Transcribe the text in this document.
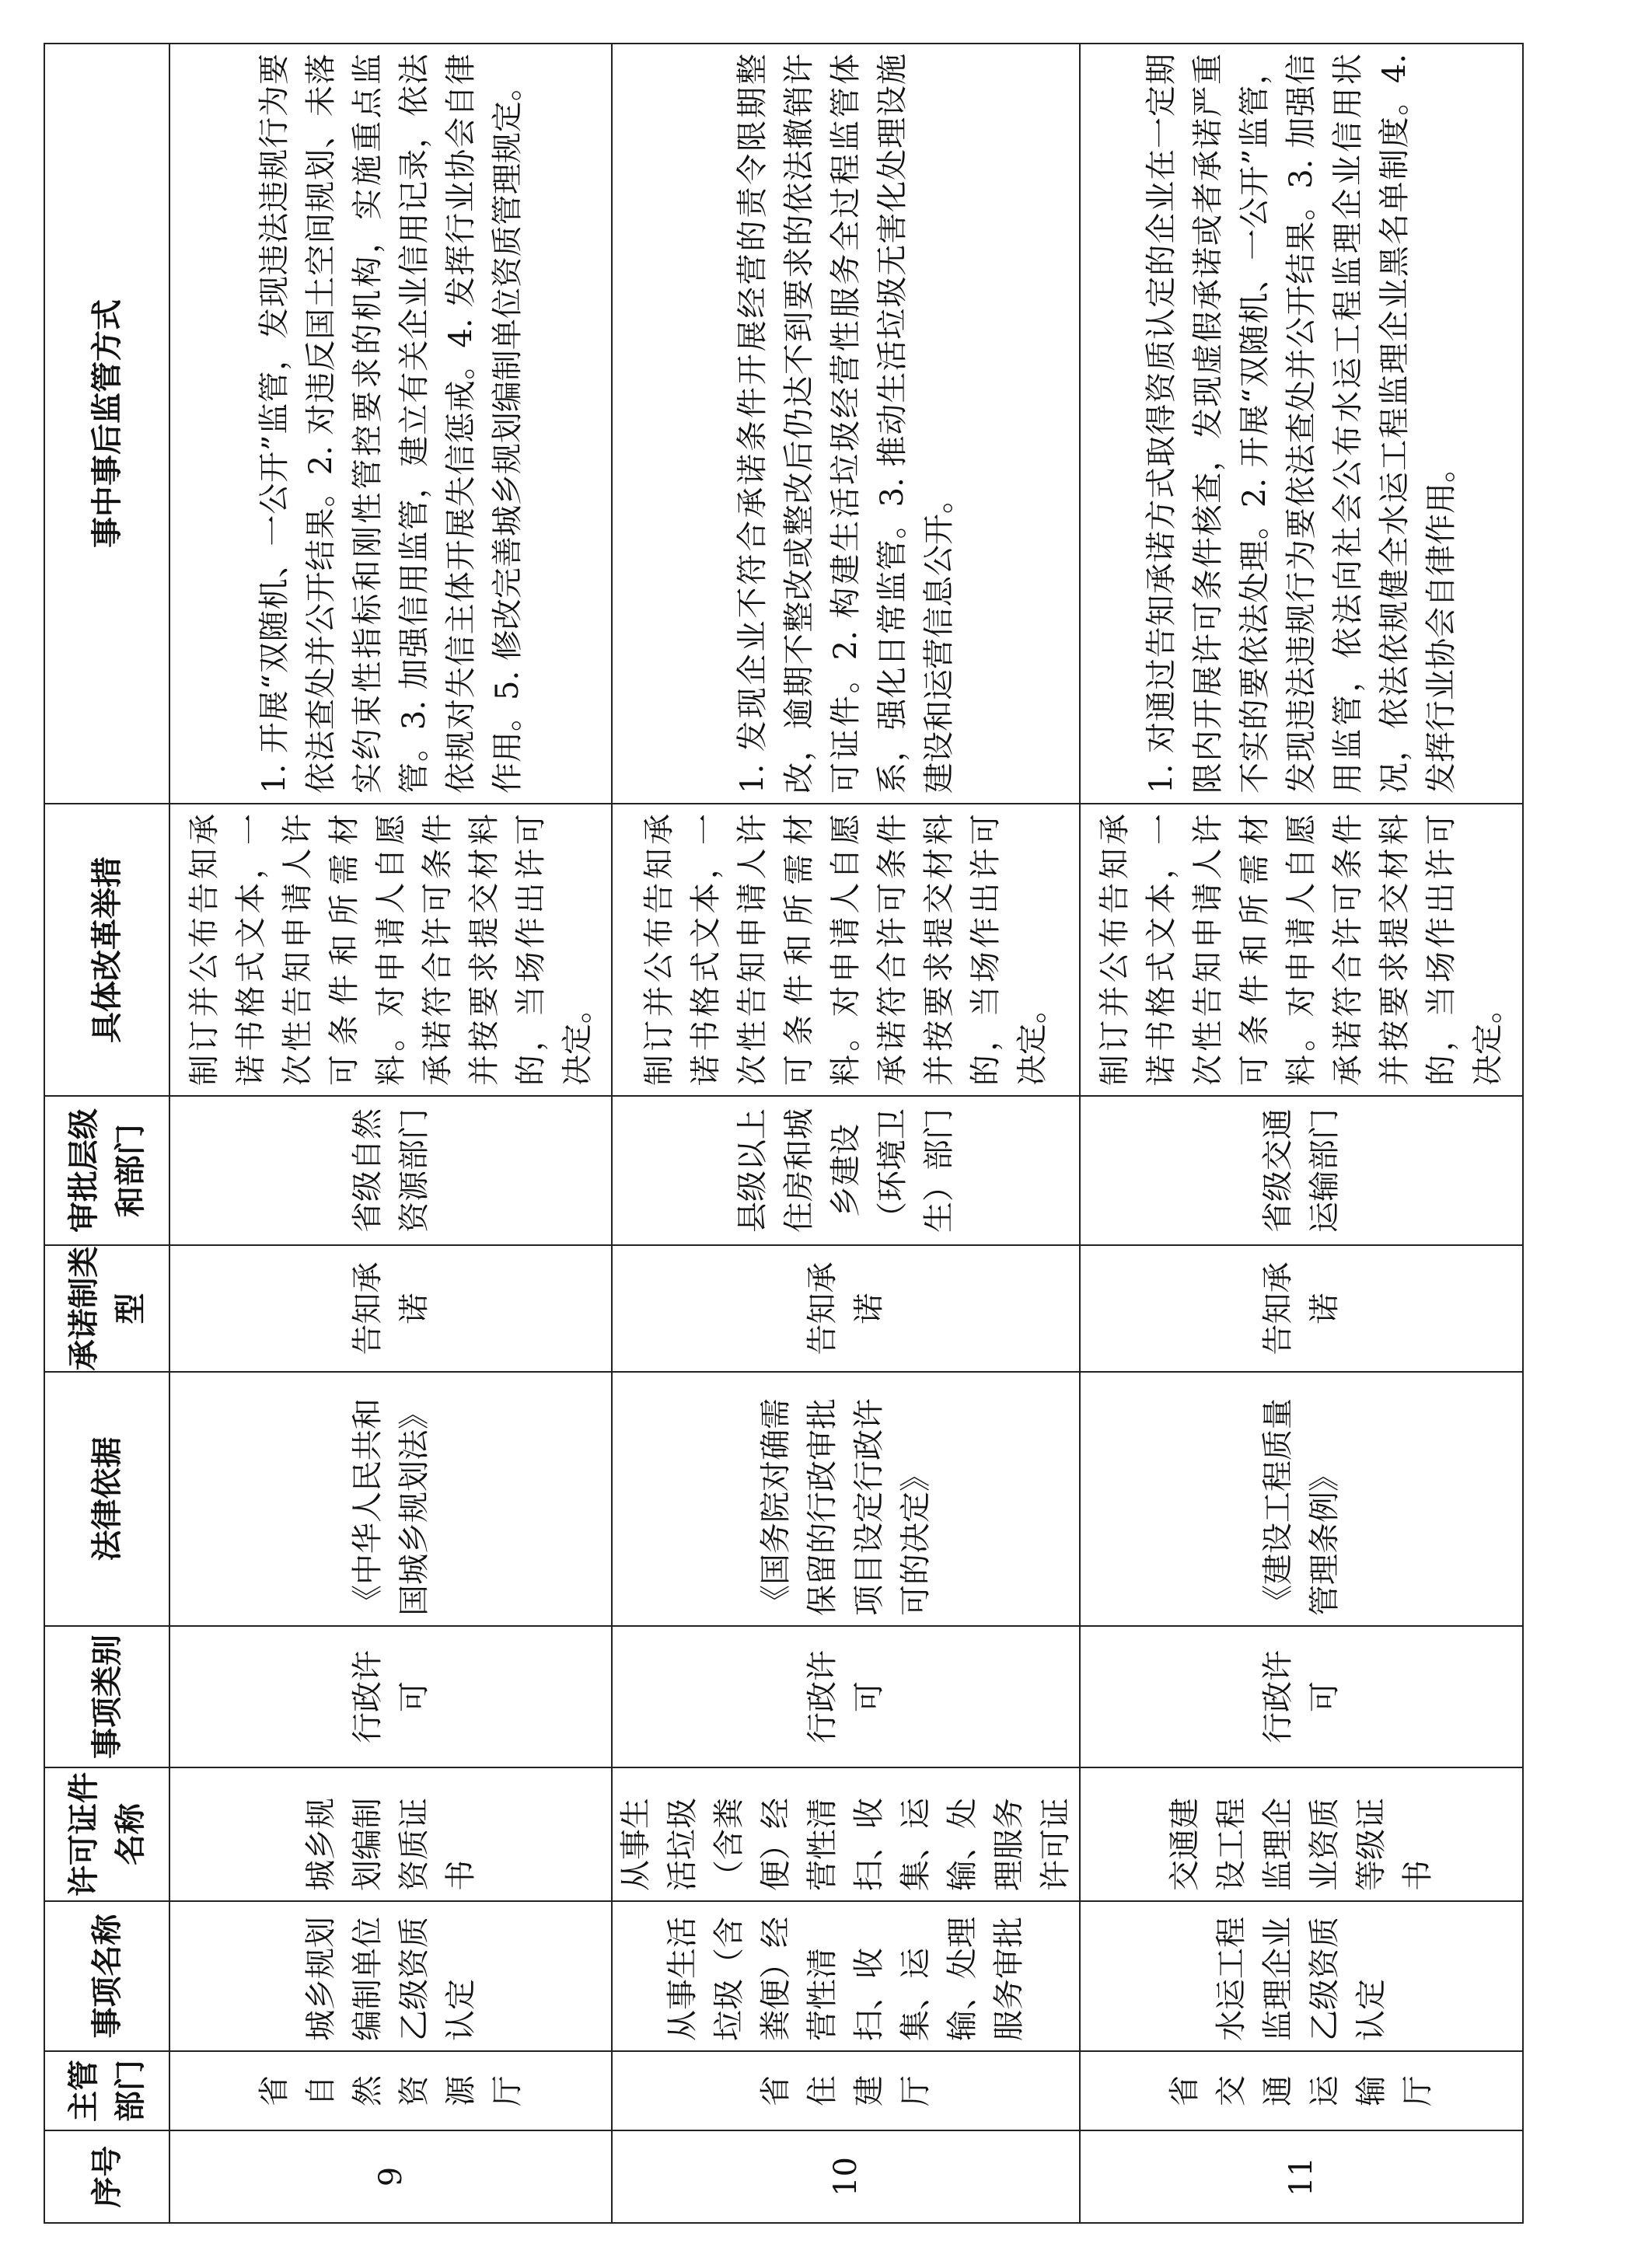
序号	主管部门	事项名称	许可证件名称	事项类别	法律依据	承诺制类型	审批层级和部门	具体改革举措	事中事后监管方式

9	省自然资源厅	城乡规划编制单位乙级资质认定	城乡规划编制资质证书	行政许可	《中华人民共和国城乡规划法》	告知承诺	省级自然资源部门	制订并公布告知承诺书格式文本，一次性告知申请人许可条件和所需材料。对申请人自愿承诺符合许可条件并按要求提交材料的，当场作出许可决定。	1. 开展“双随机、一公开”监管，发现违法违规行为要依法查处并公开结果。2. 对违反国土空间规划、未落实约束性指标和刚性管控要求的机构，实施重点监管。3. 加强信用监管，建立有关企业信用记录，依法依规对失信主体开展失信惩戒。4. 发挥行业协会自律作用。5. 修改完善城乡规划编制单位资质管理规定。

10	省住建厅	从事生活垃圾（含粪便）经营性清扫、收集、运输、处理服务审批	从事生活垃圾（含粪便）经营性清扫、收集、运输、处理服务许可证	行政许可	《国务院对确需保留的行政审批项目设定行政许可的决定》	告知承诺	县级以上住房和城乡建设（环境卫生）部门	制订并公布告知承诺书格式文本，一次性告知申请人许可条件和所需材料。对申请人自愿承诺符合许可条件并按要求提交材料的，当场作出许可决定。	1. 发现企业不符合承诺条件开展经营的责令限期整改，逾期不整改或整改后仍达不到要求的依法撤销许可证件。2. 构建生活垃圾经营性服务全过程监管体系，强化日常监管。3. 推动生活垃圾无害化处理设施建设和运营信息公开。

11	省交通运输厅	水运工程监理企业乙级资质认定	交通建设工程监理企业资质等级证书	行政许可	《建设工程质量管理条例》	告知承诺	省级交通运输部门	制订并公布告知承诺书格式文本，一次性告知申请人许可条件和所需材料。对申请人自愿承诺符合许可条件并按要求提交材料的，当场作出许可决定。	1. 对通过告知承诺方式取得资质认定的企业在一定期限内开展许可条件核查，发现虚假承诺或者承诺严重不实的要依法处理。2. 开展“双随机、一公开”监管，发现违法违规行为要依法查处并公开结果。3. 加强信用监管，依法向社会公布水运工程监理企业信用状况，依法依规健全水运工程监理企业黑名单制度。4. 发挥行业协会自律作用。
